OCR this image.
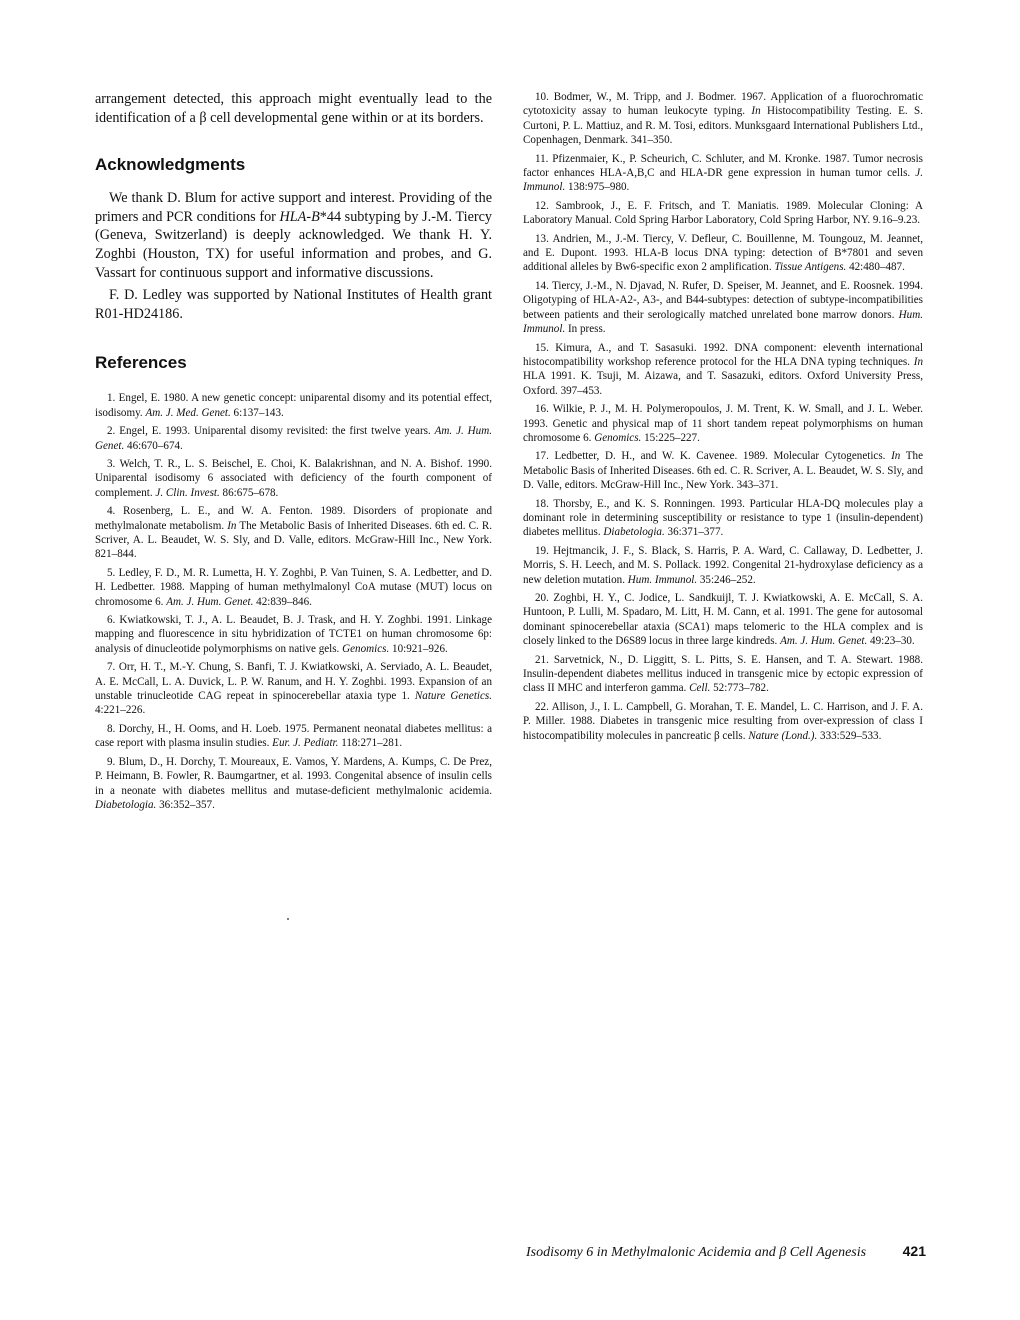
arrangement detected, this approach might eventually lead to the identification of a β cell developmental gene within or at its borders.

Acknowledgments

We thank D. Blum for active support and interest. Providing of the primers and PCR conditions for HLA-B*44 subtyping by J.-M. Tiercy (Geneva, Switzerland) is deeply acknowledged. We thank H. Y. Zoghbi (Houston, TX) for useful information and probes, and G. Vassart for continuous support and informative discussions.

F. D. Ledley was supported by National Institutes of Health grant R01-HD24186.

References
1. Engel, E. 1980. A new genetic concept: uniparental disomy and its potential effect, isodisomy. Am. J. Med. Genet. 6:137–143.
2. Engel, E. 1993. Uniparental disomy revisited: the first twelve years. Am. J. Hum. Genet. 46:670–674.
3. Welch, T. R., L. S. Beischel, E. Choi, K. Balakrishnan, and N. A. Bishof. 1990. Uniparental isodisomy 6 associated with deficiency of the fourth component of complement. J. Clin. Invest. 86:675–678.
4. Rosenberg, L. E., and W. A. Fenton. 1989. Disorders of propionate and methylmalonate metabolism. In The Metabolic Basis of Inherited Diseases. 6th ed. C. R. Scriver, A. L. Beaudet, W. S. Sly, and D. Valle, editors. McGraw-Hill Inc., New York. 821–844.
5. Ledley, F. D., M. R. Lumetta, H. Y. Zoghbi, P. Van Tuinen, S. A. Ledbetter, and D. H. Ledbetter. 1988. Mapping of human methylmalonyl CoA mutase (MUT) locus on chromosome 6. Am. J. Hum. Genet. 42:839–846.
6. Kwiatkowski, T. J., A. L. Beaudet, B. J. Trask, and H. Y. Zoghbi. 1991. Linkage mapping and fluorescence in situ hybridization of TCTE1 on human chromosome 6p: analysis of dinucleotide polymorphisms on native gels. Genomics. 10:921–926.
7. Orr, H. T., M.-Y. Chung, S. Banfi, T. J. Kwiatkowski, A. Serviado, A. L. Beaudet, A. E. McCall, L. A. Duvick, L. P. W. Ranum, and H. Y. Zoghbi. 1993. Expansion of an unstable trinucleotide CAG repeat in spinocerebellar ataxia type 1. Nature Genetics. 4:221–226.
8. Dorchy, H., H. Ooms, and H. Loeb. 1975. Permanent neonatal diabetes mellitus: a case report with plasma insulin studies. Eur. J. Pediatr. 118:271–281.
9. Blum, D., H. Dorchy, T. Moureaux, E. Vamos, Y. Mardens, A. Kumps, C. De Prez, P. Heimann, B. Fowler, R. Baumgartner, et al. 1993. Congenital absence of insulin cells in a neonate with diabetes mellitus and mutase-deficient methylmalonic acidemia. Diabetologia. 36:352–357.
10. Bodmer, W., M. Tripp, and J. Bodmer. 1967. Application of a fluorochromatic cytotoxicity assay to human leukocyte typing. In Histocompatibility Testing. E. S. Curtoni, P. L. Mattiuz, and R. M. Tosi, editors. Munksgaard International Publishers Ltd., Copenhagen, Denmark. 341–350.
11. Pfizenmaier, K., P. Scheurich, C. Schluter, and M. Kronke. 1987. Tumor necrosis factor enhances HLA-A,B,C and HLA-DR gene expression in human tumor cells. J. Immunol. 138:975–980.
12. Sambrook, J., E. F. Fritsch, and T. Maniatis. 1989. Molecular Cloning: A Laboratory Manual. Cold Spring Harbor Laboratory, Cold Spring Harbor, NY. 9.16–9.23.
13. Andrien, M., J.-M. Tiercy, V. Defleur, C. Bouillenne, M. Toungouz, M. Jeannet, and E. Dupont. 1993. HLA-B locus DNA typing: detection of B*7801 and seven additional alleles by Bw6-specific exon 2 amplification. Tissue Antigens. 42:480–487.
14. Tiercy, J.-M., N. Djavad, N. Rufer, D. Speiser, M. Jeannet, and E. Roosnek. 1994. Oligotyping of HLA-A2-, A3-, and B44-subtypes: detection of subtype-incompatibilities between patients and their serologically matched unrelated bone marrow donors. Hum. Immunol. In press.
15. Kimura, A., and T. Sasasuki. 1992. DNA component: eleventh international histocompatibility workshop reference protocol for the HLA DNA typing techniques. In HLA 1991. K. Tsuji, M. Aizawa, and T. Sasazuki, editors. Oxford University Press, Oxford. 397–453.
16. Wilkie, P. J., M. H. Polymeropoulos, J. M. Trent, K. W. Small, and J. L. Weber. 1993. Genetic and physical map of 11 short tandem repeat polymorphisms on human chromosome 6. Genomics. 15:225–227.
17. Ledbetter, D. H., and W. K. Cavenee. 1989. Molecular Cytogenetics. In The Metabolic Basis of Inherited Diseases. 6th ed. C. R. Scriver, A. L. Beaudet, W. S. Sly, and D. Valle, editors. McGraw-Hill Inc., New York. 343–371.
18. Thorsby, E., and K. S. Ronningen. 1993. Particular HLA-DQ molecules play a dominant role in determining susceptibility or resistance to type 1 (insulin-dependent) diabetes mellitus. Diabetologia. 36:371–377.
19. Hejtmancik, J. F., S. Black, S. Harris, P. A. Ward, C. Callaway, D. Ledbetter, J. Morris, S. H. Leech, and M. S. Pollack. 1992. Congenital 21-hydroxylase deficiency as a new deletion mutation. Hum. Immunol. 35:246–252.
20. Zoghbi, H. Y., C. Jodice, L. Sandkuijl, T. J. Kwiatkowski, A. E. McCall, S. A. Huntoon, P. Lulli, M. Spadaro, M. Litt, H. M. Cann, et al. 1991. The gene for autosomal dominant spinocerebellar ataxia (SCA1) maps telomeric to the HLA complex and is closely linked to the D6S89 locus in three large kindreds. Am. J. Hum. Genet. 49:23–30.
21. Sarvetnick, N., D. Liggitt, S. L. Pitts, S. E. Hansen, and T. A. Stewart. 1988. Insulin-dependent diabetes mellitus induced in transgenic mice by ectopic expression of class II MHC and interferon gamma. Cell. 52:773–782.
22. Allison, J., I. L. Campbell, G. Morahan, T. E. Mandel, L. C. Harrison, and J. F. A. P. Miller. 1988. Diabetes in transgenic mice resulting from over-expression of class I histocompatibility molecules in pancreatic β cells. Nature (Lond.). 333:529–533.
Isodisomy 6 in Methylmalonic Acidemia and β Cell Agenesis	421
